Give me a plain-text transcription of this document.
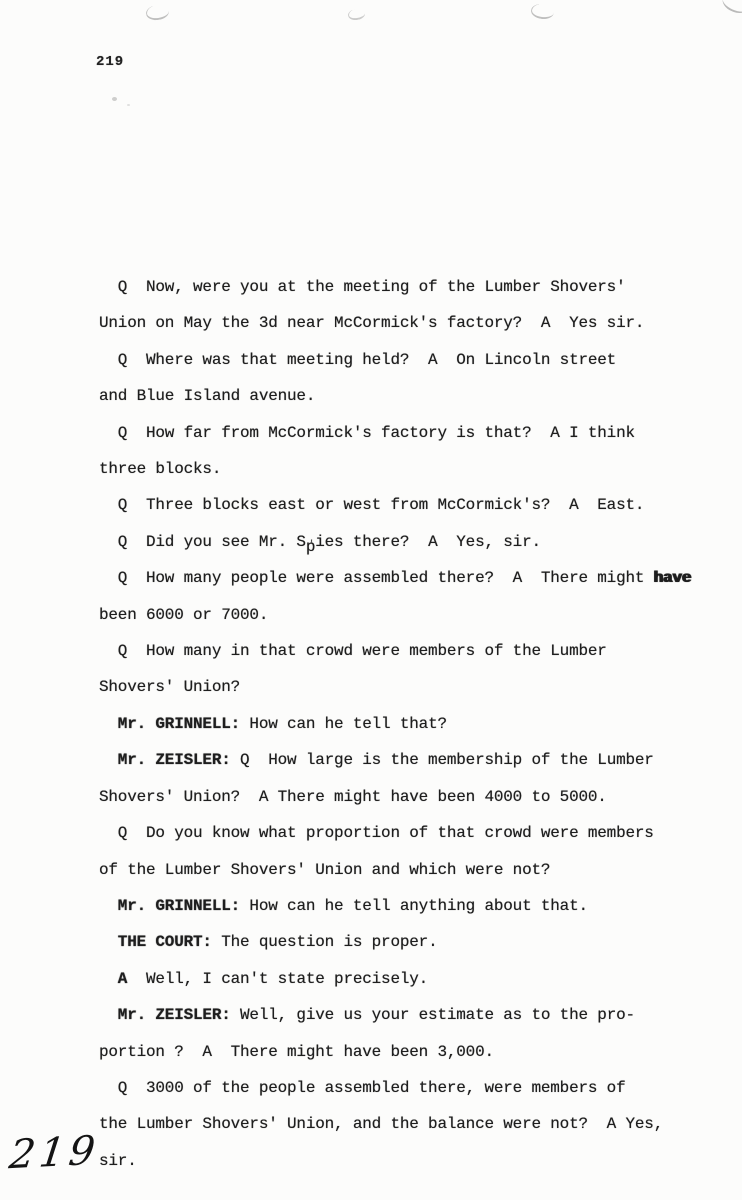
219
Q  Now, were you at the meeting of the Lumber Shovers'
Union on May the 3d near McCormick's factory?  A  Yes sir.
Q  Where was that meeting held?  A  On Lincoln street
and Blue Island avenue.
Q  How far from McCormick's factory is that?  A I think
three blocks.
Q  Three blocks east or west from McCormick's?  A  East.
Q  Did you see Mr. S′ pies there?  A  Yes, sir.
Q  How many people were assembled there?  A  There might have
been 6000 or 7000.
Q  How many in that crowd were members of the Lumber
Shovers' Union?
Mr. GRINNELL: How can he tell that?
Mr. ZEISLER: Q  How large is the membership of the Lumber
Shovers' Union?  A There might have been 4000 to 5000.
Q  Do you know what proportion of that crowd were members
of the Lumber Shovers' Union and which were not?
Mr. GRINNELL: How can he tell anything about that.
THE COURT: The question is proper.
A  Well, I can't state precisely.
Mr. ZEISLER: Well, give us your estimate as to the pro-
portion ?  A  There might have been 3,000.
Q  3000 of the people assembled there, were members of
the Lumber Shovers' Union, and the balance were not?  A Yes,
sir.
219
